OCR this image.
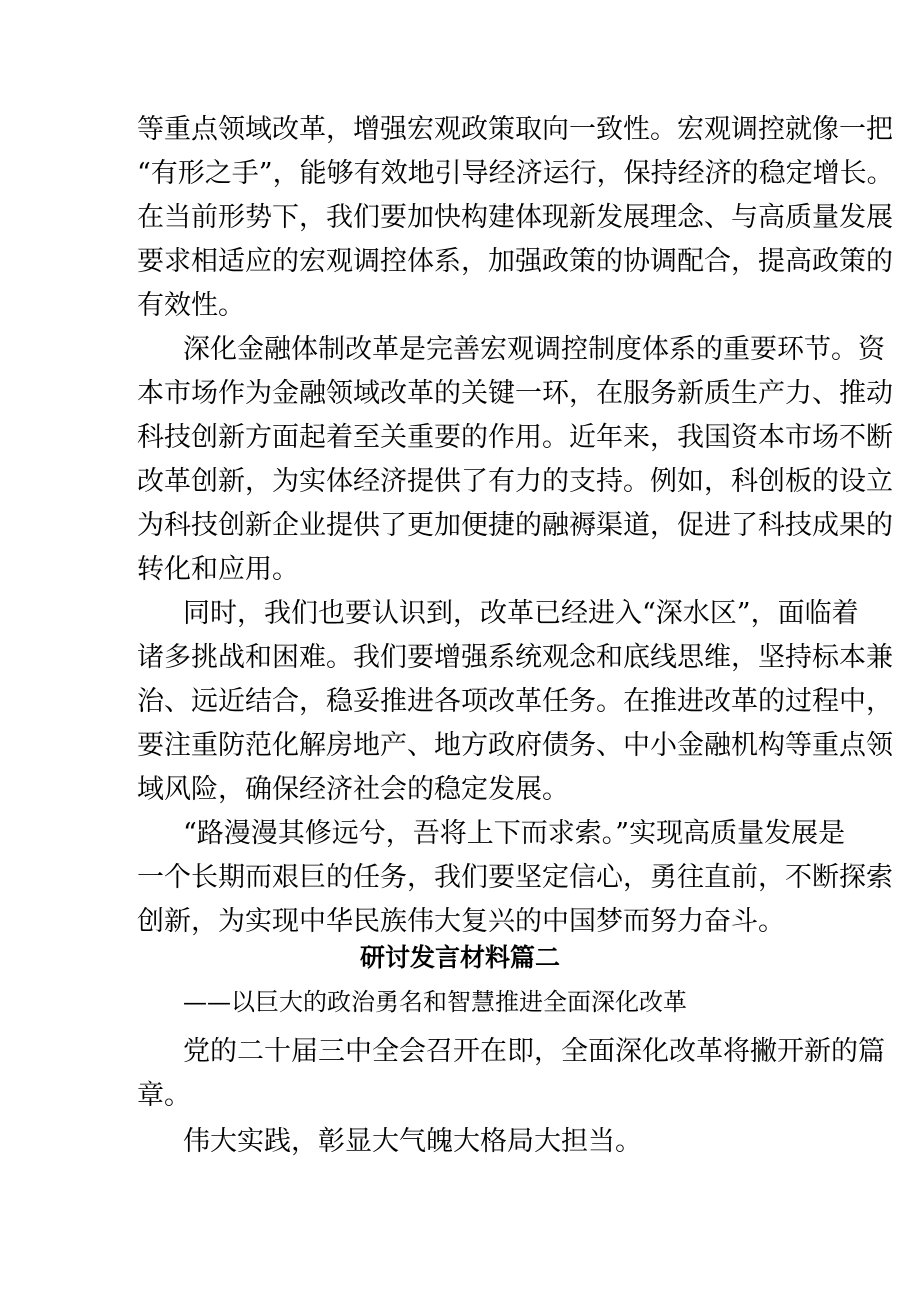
等重点领域改革，增强宏观政策取向一致性。宏观调控就像一把
“有形之手”，能够有效地引导经济运行，保持经济的稳定增长。
在当前形势下，我们要加快构建体现新发展理念、与高质量发展
要求相适应的宏观调控体系，加强政策的协调配合，提高政策的
有效性。
深化金融体制改革是完善宏观调控制度体系的重要环节。资
本市场作为金融领域改革的关键一环，在服务新质生产力、推动
科技创新方面起着至关重要的作用。近年来，我国资本市场不断
改革创新，为实体经济提供了有力的支持。例如，科创板的设立
为科技创新企业提供了更加便捷的融褥渠道，促进了科技成果的
转化和应用。
同时，我们也要认识到，改革已经进入“深水区”，面临着
诸多挑战和困难。我们要增强系统观念和底线思维，坚持标本兼
治、远近结合，稳妥推进各项改革任务。在推进改革的过程中，
要注重防范化解房地产、地方政府债务、中小金融机构等重点领
域风险，确保经济社会的稳定发展。
“路漫漫其修远兮，吾将上下而求索。”实现高质量发展是
一个长期而艰巨的任务，我们要坚定信心，勇往直前，不断探索
创新，为实现中华民族伟大复兴的中国梦而努力奋斗。
研讨发言材料篇二
——以巨大的政治勇名和智慧推进全面深化改革
党的二十届三中全会召开在即，全面深化改革将撇开新的篇
章。
伟大实践，彰显大气魄大格局大担当。
